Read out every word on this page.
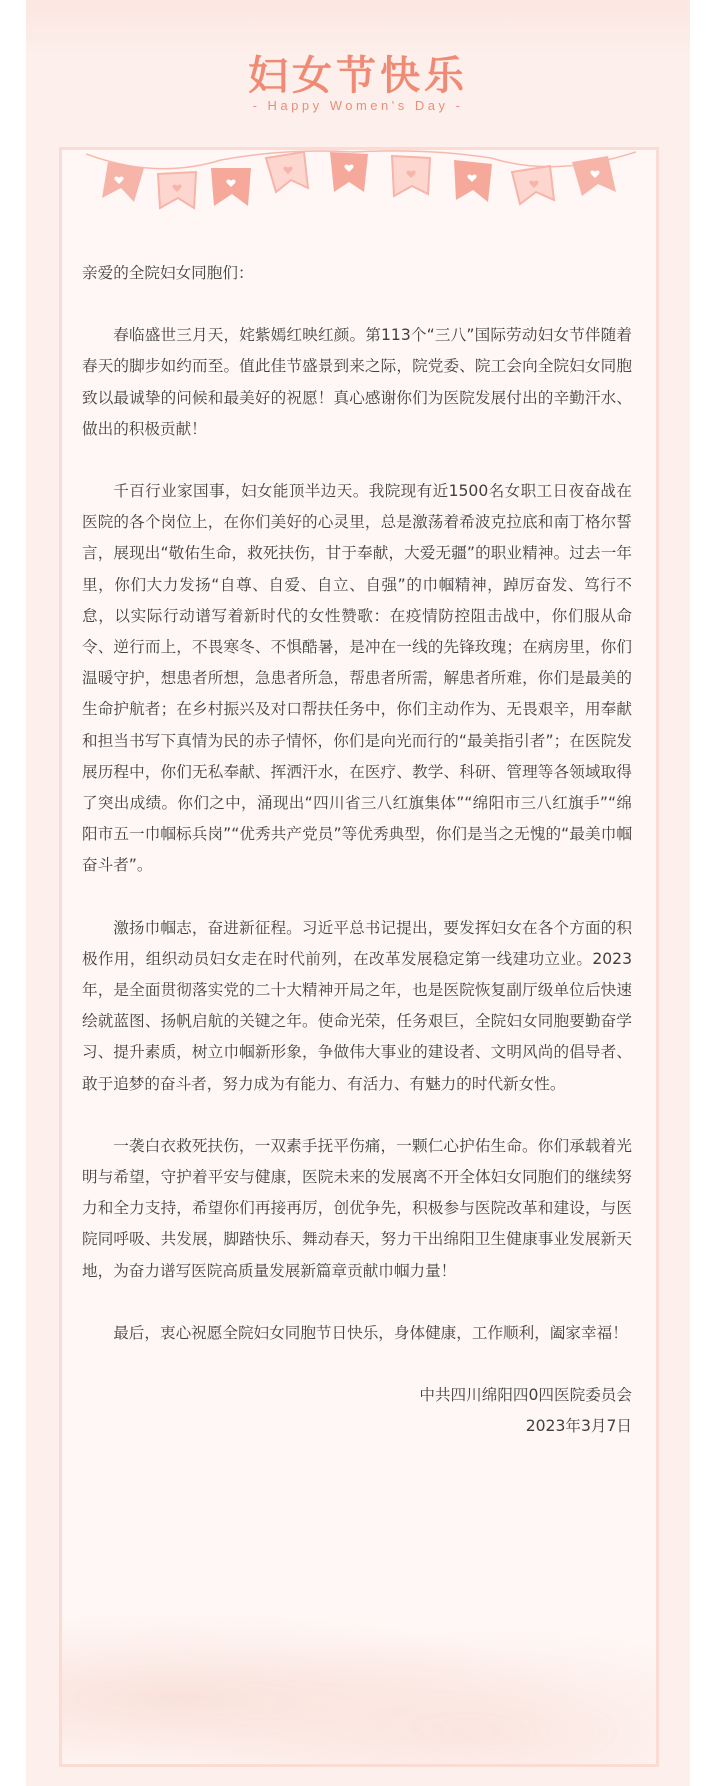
妇女节快乐
- Happy Women's Day -

亲爱的全院妇女同胞们：

春临盛世三月天，姹紫嫣红映红颜。第113个“三八”国际劳动妇女节伴随着春天的脚步如约而至。值此佳节盛景到来之际，院党委、院工会向全院妇女同胞致以最诚挚的问候和最美好的祝愿！真心感谢你们为医院发展付出的辛勤汗水、做出的积极贡献！

千百行业家国事，妇女能顶半边天。我院现有近1500名女职工日夜奋战在医院的各个岗位上，在你们美好的心灵里，总是激荡着希波克拉底和南丁格尔誓言，展现出“敬佑生命，救死扶伤，甘于奉献，大爱无疆”的职业精神。过去一年里，你们大力发扬“自尊、自爱、自立、自强”的巾帼精神，踔厉奋发、笃行不怠，以实际行动谱写着新时代的女性赞歌：在疫情防控阻击战中，你们服从命令、逆行而上，不畏寒冬、不惧酷暑，是冲在一线的先锋玫瑰；在病房里，你们温暖守护，想患者所想，急患者所急，帮患者所需，解患者所难，你们是最美的生命护航者；在乡村振兴及对口帮扶任务中，你们主动作为、无畏艰辛，用奉献和担当书写下真情为民的赤子情怀，你们是向光而行的“最美指引者”；在医院发展历程中，你们无私奉献、挥洒汗水，在医疗、教学、科研、管理等各领域取得了突出成绩。你们之中，涌现出“四川省三八红旗集体”“绵阳市三八红旗手”“绵阳市五一巾帼标兵岗”“优秀共产党员”等优秀典型，你们是当之无愧的“最美巾帼奋斗者”。

激扬巾帼志，奋进新征程。习近平总书记提出，要发挥妇女在各个方面的积极作用，组织动员妇女走在时代前列，在改革发展稳定第一线建功立业。2023年，是全面贯彻落实党的二十大精神开局之年，也是医院恢复副厅级单位后快速绘就蓝图、扬帆启航的关键之年。使命光荣，任务艰巨，全院妇女同胞要勤奋学习、提升素质，树立巾帼新形象，争做伟大事业的建设者、文明风尚的倡导者、敢于追梦的奋斗者，努力成为有能力、有活力、有魅力的时代新女性。

一袭白衣救死扶伤，一双素手抚平伤痛，一颗仁心护佑生命。你们承载着光明与希望，守护着平安与健康，医院未来的发展离不开全体妇女同胞们的继续努力和全力支持，希望你们再接再厉，创优争先，积极参与医院改革和建设，与医院同呼吸、共发展，脚踏快乐、舞动春天，努力干出绵阳卫生健康事业发展新天地，为奋力谱写医院高质量发展新篇章贡献巾帼力量！

最后，衷心祝愿全院妇女同胞节日快乐，身体健康，工作顺利，阖家幸福！

中共四川绵阳四0四医院委员会

2023年3月7日
